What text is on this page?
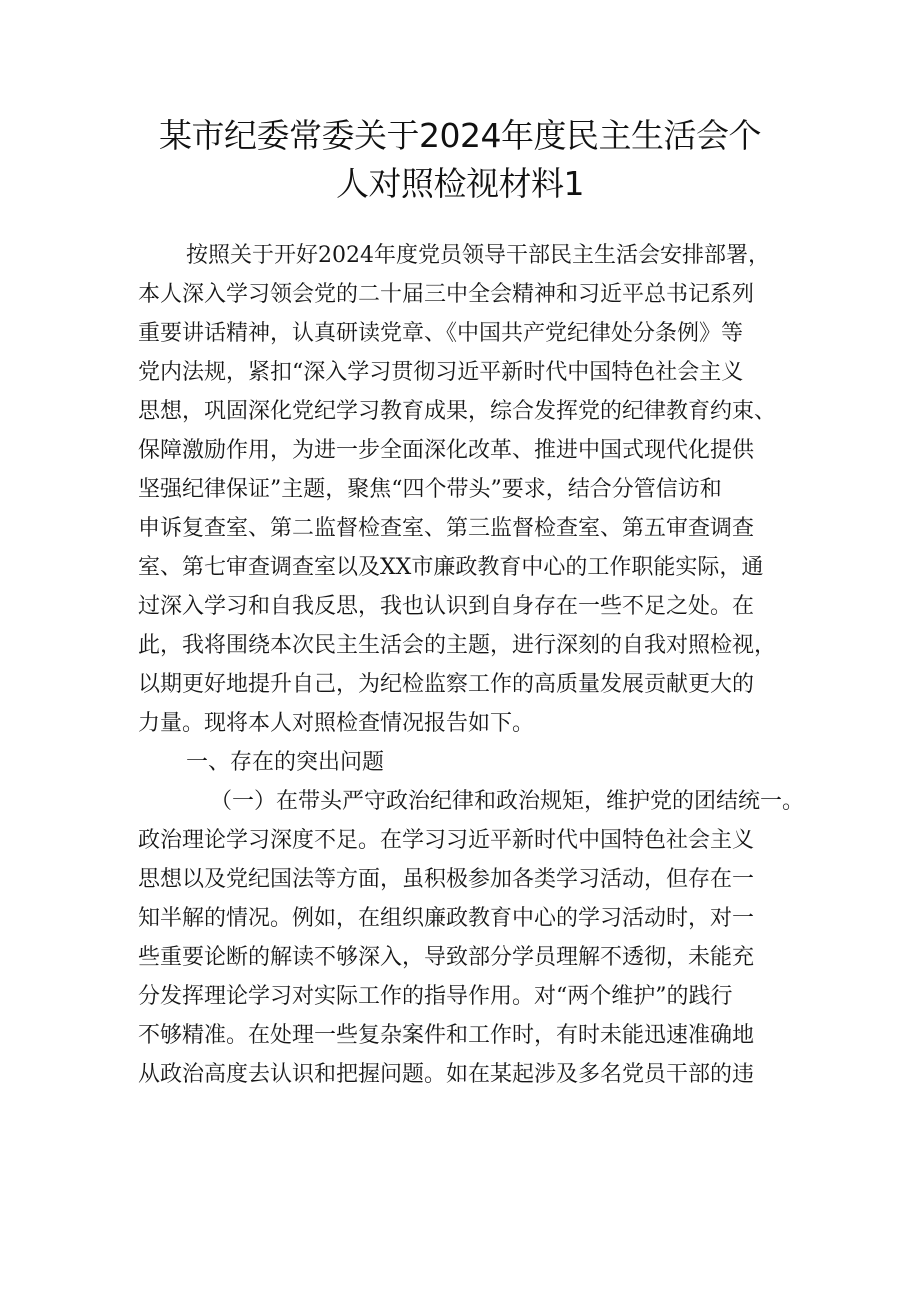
某市纪委常委关于2024年度民主生活会个
人对照检视材料1

按照关于开好2024年度党员领导干部民主生活会安排部署，
本人深入学习领会党的二十届三中全会精神和习近平总书记系列
重要讲话精神，认真研读党章、《中国共产党纪律处分条例》等
党内法规，紧扣“深入学习贯彻习近平新时代中国特色社会主义
思想，巩固深化党纪学习教育成果，综合发挥党的纪律教育约束、
保障激励作用，为进一步全面深化改革、推进中国式现代化提供
坚强纪律保证”主题，聚焦“四个带头”要求，结合分管信访和
申诉复查室、第二监督检查室、第三监督检查室、第五审查调查
室、第七审查调查室以及XX市廉政教育中心的工作职能实际，通
过深入学习和自我反思，我也认识到自身存在一些不足之处。在
此，我将围绕本次民主生活会的主题，进行深刻的自我对照检视，
以期更好地提升自己，为纪检监察工作的高质量发展贡献更大的
力量。现将本人对照检查情况报告如下。

一、存在的突出问题

（一）在带头严守政治纪律和政治规矩，维护党的团结统一。

政治理论学习深度不足。在学习习近平新时代中国特色社会主义
思想以及党纪国法等方面，虽积极参加各类学习活动，但存在一
知半解的情况。例如，在组织廉政教育中心的学习活动时，对一
些重要论断的解读不够深入，导致部分学员理解不透彻，未能充
分发挥理论学习对实际工作的指导作用。对“两个维护”的践行
不够精准。在处理一些复杂案件和工作时，有时未能迅速准确地
从政治高度去认识和把握问题。如在某起涉及多名党员干部的违
